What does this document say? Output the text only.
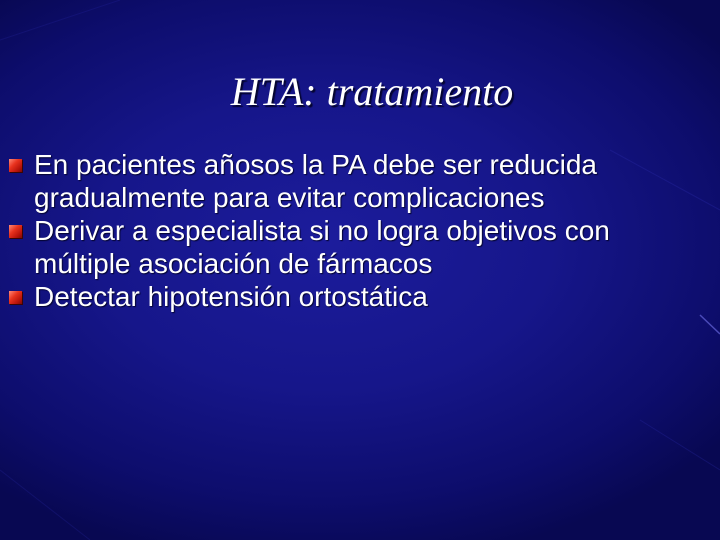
HTA: tratamiento
En pacientes añosos la PA debe ser reducida gradualmente para evitar complicaciones
Derivar a especialista si no logra objetivos con múltiple asociación de fármacos
Detectar hipotensión ortostática
